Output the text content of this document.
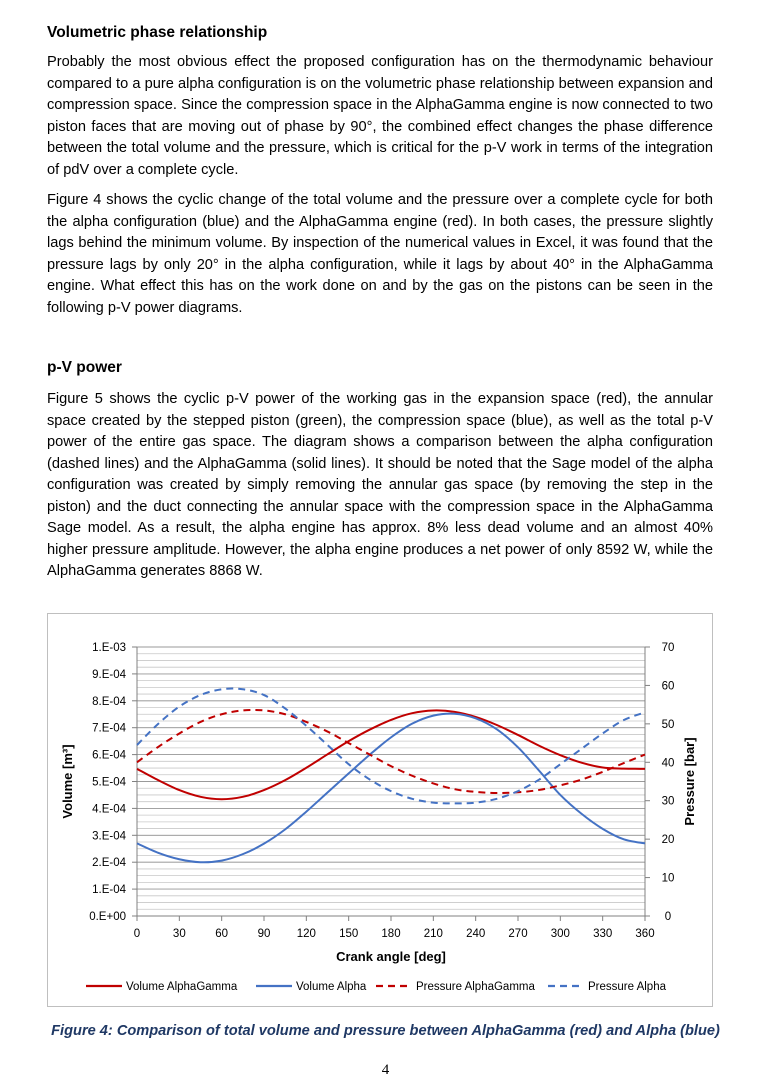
Volumetric phase relationship

Probably the most obvious effect the proposed configuration has on the thermodynamic behaviour compared to a pure alpha configuration is on the volumetric phase relationship between expansion and compression space. Since the compression space in the AlphaGamma engine is now connected to two piston faces that are moving out of phase by 90°, the combined effect changes the phase difference between the total volume and the pressure, which is critical for the p-V work in terms of the integration of pdV over a complete cycle.

Figure 4 shows the cyclic change of the total volume and the pressure over a complete cycle for both the alpha configuration (blue) and the AlphaGamma engine (red). In both cases, the pressure slightly lags behind the minimum volume. By inspection of the numerical values in Excel, it was found that the pressure lags by only 20° in the alpha configuration, while it lags by about 40° in the AlphaGamma engine. What effect this has on the work done on and by the gas on the pistons can be seen in the following p-V power diagrams.

p-V power

Figure 5 shows the cyclic p-V power of the working gas in the expansion space (red), the annular space created by the stepped piston (green), the compression space (blue), as well as the total p-V power of the entire gas space. The diagram shows a comparison between the alpha configuration (dashed lines) and the AlphaGamma (solid lines). It should be noted that the Sage model of the alpha configuration was created by simply removing the annular gas space (by removing the step in the piston) and the duct connecting the annular space with the compression space in the AlphaGamma Sage model. As a result, the alpha engine has approx. 8% less dead volume and an almost 40% higher pressure amplitude. However, the alpha engine produces a net power of only 8592 W, while the AlphaGamma generates 8868 W.

0	30	60	90 120 150 180 210 240 270 300 330 360
0.E+00
1.E-04
2.E-04
3.E-04
4.E-04
5.E-04
6.E-04
7.E-04
8.E-04
9.E-04
1.E-03
0
10
20
30
40
50
60
70
Crank angle [deg]
Volume [m³]	Pressure [bar]
Volume AlphaGamma	Volume Alpha	Pressure AlphaGamma	Pressure Alpha

Figure 4: Comparison of total volume and pressure between AlphaGamma (red) and Alpha (blue)

4
